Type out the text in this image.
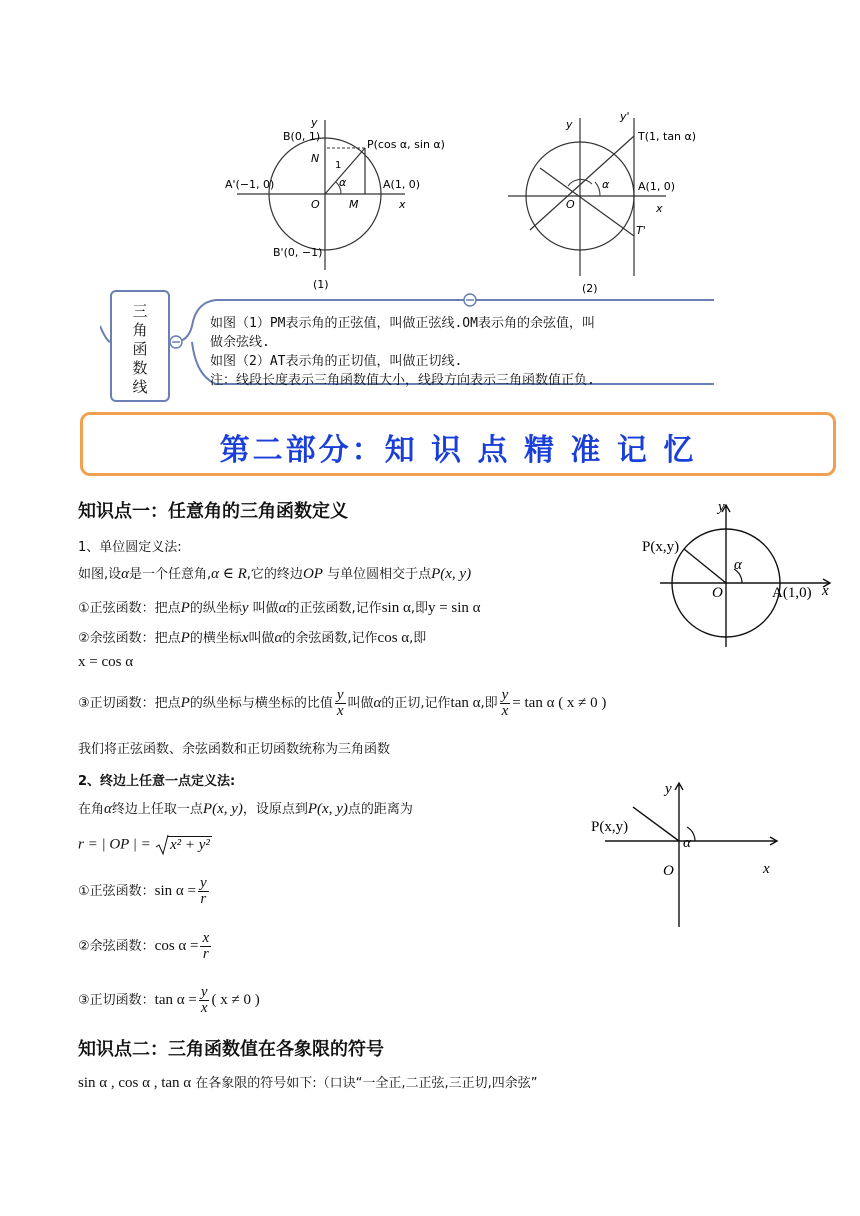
y
B(0, 1)
P(cos α, sin α)
N
1
α
A'(−1, 0)	A(1, 0)
O	M	x
B'(0, −1)
(1)
y
y'
T(1, tan α)
α	A(1, 0)
O	x
T'
(2)
三
角
函
数
线
如图（1）PM表示角的正弦值，叫做正弦线.OM表示角的余弦值，叫
做余弦线.
如图（2）AT表示角的正切值，叫做正切线.
注：线段长度表示三角函数值大小，线段方向表示三角函数值正负.
第二部分：知 识 点 精 准 记 忆
知识点一：任意角的三角函数定义
1、单位圆定义法:
如图,设α是一个任意角,α ∈ R,它的终边OP 与单位圆相交于点P(x, y)
①正弦函数：把点P的纵坐标y 叫做α的正弦函数,记作sin α,即y = sin α
②余弦函数：把点P的横坐标x叫做α的余弦函数,记作cos α,即
x = cos α
③正切函数：把点P的纵坐标与横坐标的比值 $\frac{y}{x}$ 叫做α的正切,记作tan α,即 $\frac{y}{x} = \tan \alpha$ ( x ≠ 0 )
我们将正弦函数、余弦函数和正切函数统称为三角函数
2、终边上任意一点定义法:
在角α终边上任取一点P(x, y)，设原点到P(x, y)点的距离为
r = | OP | = x² + y²
①正弦函数：$\sin \alpha = \frac{y}{r}$
②余弦函数：$\cos \alpha = \frac{x}{r}$
③正切函数：$\tan \alpha = \frac{y}{x}$ ( x ≠ 0 )
y
P(x,y)
α
O	A(1,0) x
y
P(x,y)
α
O	x
知识点二：三角函数值在各象限的符号
sin α , cos α , tan α 在各象限的符号如下:（口诀“一全正,二正弦,三正切,四余弦”
